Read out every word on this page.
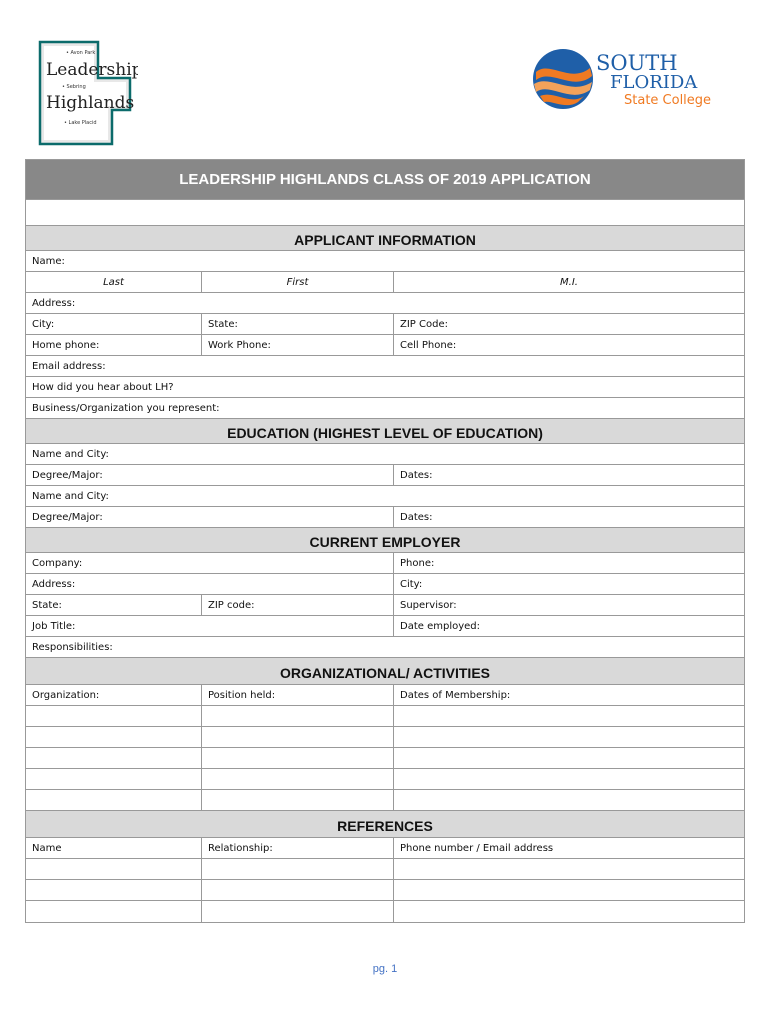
• Avon Park
Leadership
• Sebring
Highlands
• Lake Placid
SOUTH
FLORIDA
State College
LEADERSHIP HIGHLANDS CLASS OF 2019 APPLICATION
APPLICANT INFORMATION
Name:
Last	First	M.I.
Address:
City:	State:	ZIP Code:
Home phone:	Work Phone:	Cell Phone:
Email address:
How did you hear about LH?
Business/Organization you represent:
EDUCATION (HIGHEST LEVEL OF EDUCATION)
Name and City:
Degree/Major:	Dates:
Name and City:
Degree/Major:	Dates:
CURRENT EMPLOYER
Company:	Phone:
Address:	City:
State:	ZIP code:	Supervisor:
Job Title:	Date employed:
Responsibilities:
ORGANIZATIONAL/ ACTIVITIES
Organization:	Position held:	Dates of Membership:
REFERENCES
Name	Relationship:	Phone number / Email address
pg. 1
